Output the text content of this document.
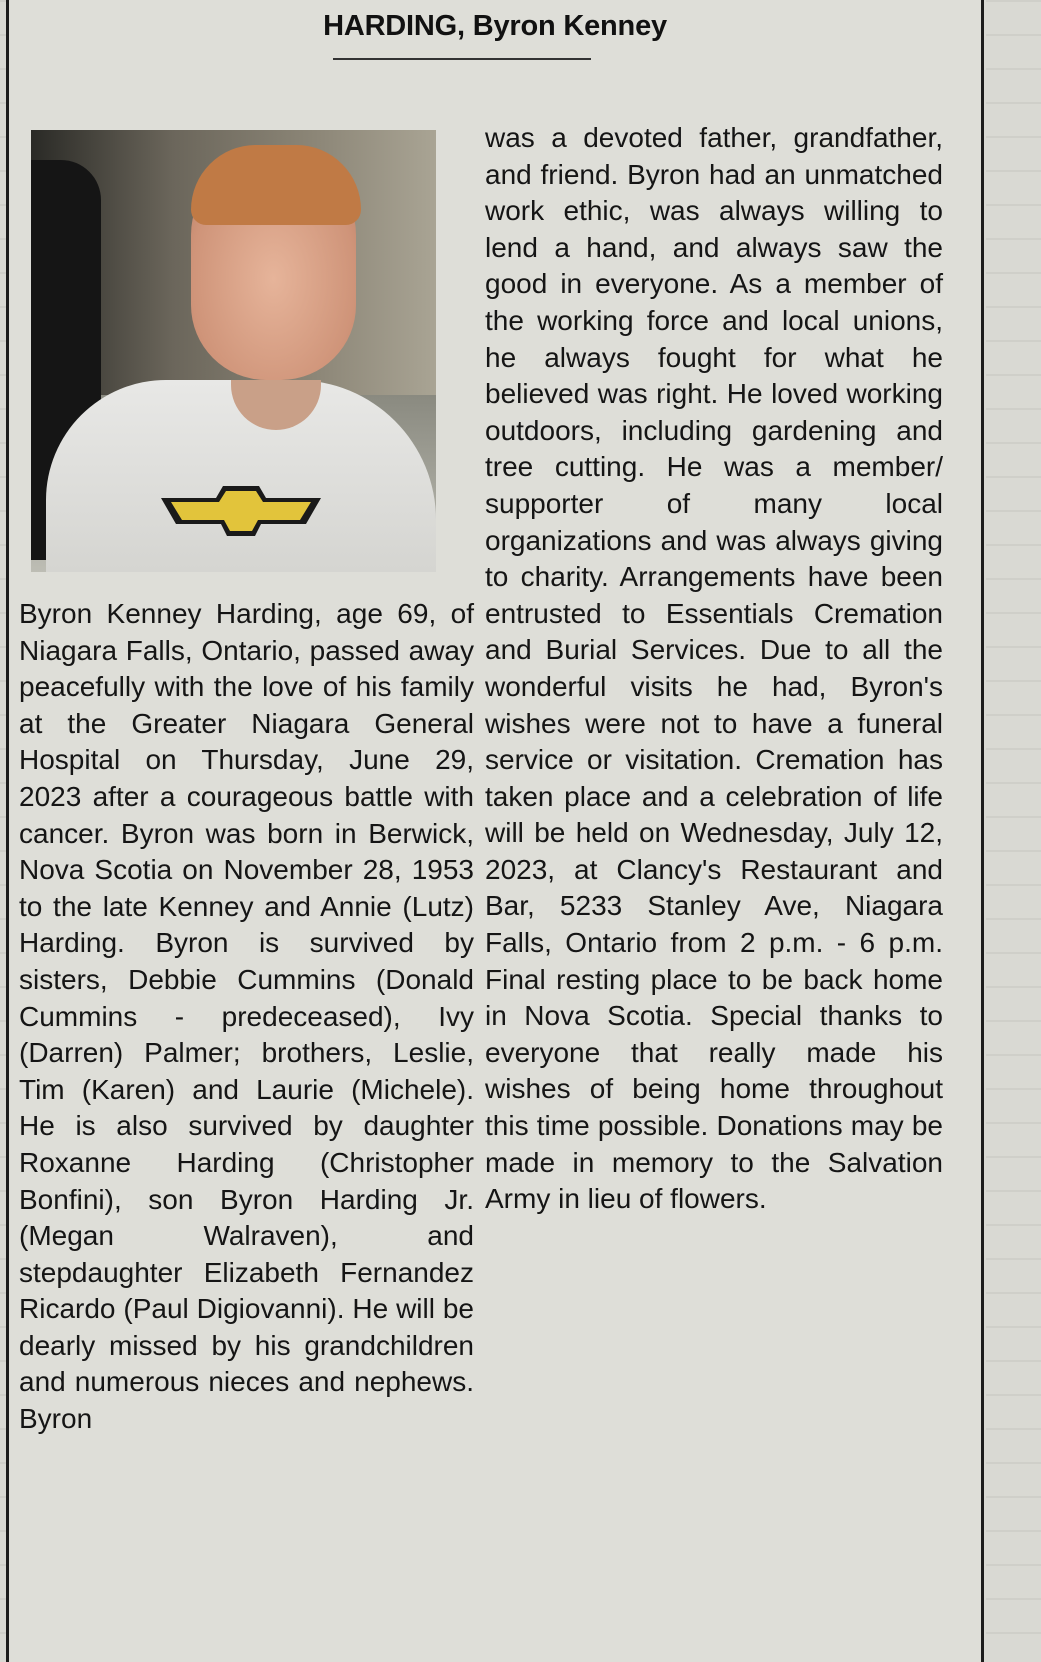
HARDING, Byron Kenney
Byron Kenney Harding, age 69, of Niagara Falls, Ontario, passed away peacefully with the love of his family at the Greater Niagara General Hospital on Thursday, June 29, 2023 after a courageous battle with cancer. Byron was born in Berwick, Nova Scotia on November 28, 1953 to the late Kenney and Annie (Lutz) Harding. Byron is survived by sisters, Debbie Cummins (Donald Cummins - predeceased), Ivy (Darren) Palmer; brothers, Leslie, Tim (Karen) and Laurie (Michele). He is also survived by daughter Roxanne Harding (Christopher Bonfini), son Byron Harding Jr. (Megan Walraven), and stepdaughter Elizabeth Fernandez Ricardo (Paul Digiovanni). He will be dearly missed by his grandchildren and numerous nieces and nephews. Byron
was a devoted father, grandfather, and friend. Byron had an unmatched work ethic, was always willing to lend a hand, and always saw the good in everyone. As a member of the working force and local unions, he always fought for what he believed was right. He loved working outdoors, including gardening and tree cutting. He was a member/ supporter of many local organizations and was always giving to charity. Arrangements have been entrusted to Essentials Cremation and Burial Services. Due to all the wonderful visits he had, Byron's wishes were not to have a funeral service or visitation. Cremation has taken place and a celebration of life will be held on Wednesday, July 12, 2023, at Clancy's Restaurant and Bar, 5233 Stanley Ave, Niagara Falls, Ontario from 2 p.m. - 6 p.m. Final resting place to be back home in Nova Scotia. Special thanks to everyone that really made his wishes of being home throughout this time possible. Donations may be made in memory to the Salvation Army in lieu of flowers.
